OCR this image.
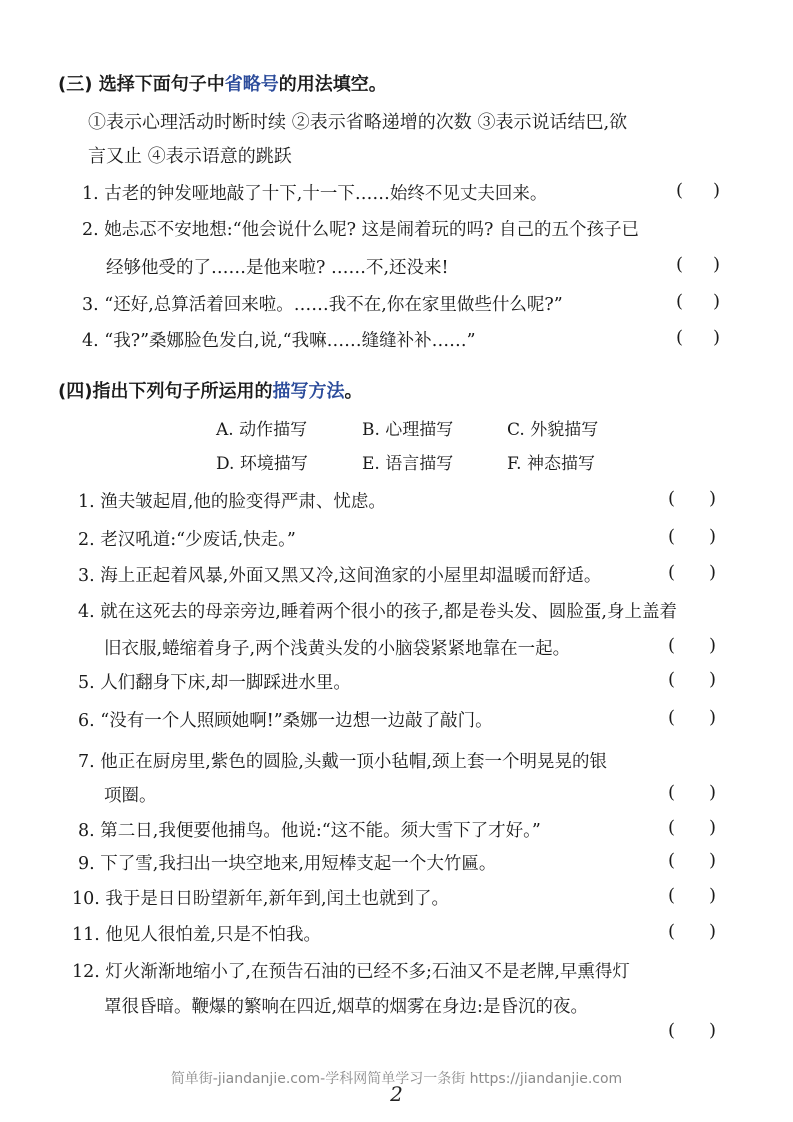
(三) 选择下面句子中省略号的用法填空。
①表示心理活动时断时续 ②表示省略递增的次数 ③表示说话结巴,欲
言又止 ④表示语意的跳跃
1. 古老的钟发哑地敲了十下,十一下……始终不见丈夫回来。	( )
2. 她忐忑不安地想:“他会说什么呢? 这是闹着玩的吗? 自己的五个孩子已
经够他受的了……是他来啦? ……不,还没来!	( )
3. “还好,总算活着回来啦。……我不在,你在家里做些什么呢?”	( )
4. “我?”桑娜脸色发白,说,“我嘛……缝缝补补……”	( )
(四)指出下列句子所运用的描写方法。
A. 动作描写	B. 心理描写	C. 外貌描写
D. 环境描写	E. 语言描写	F. 神态描写
1. 渔夫皱起眉,他的脸变得严肃、忧虑。	( )
2. 老汉吼道:“少废话,快走。”	( )
3. 海上正起着风暴,外面又黑又冷,这间渔家的小屋里却温暖而舒适。	( )
4. 就在这死去的母亲旁边,睡着两个很小的孩子,都是卷头发、圆脸蛋,身上盖着
旧衣服,蜷缩着身子,两个浅黄头发的小脑袋紧紧地靠在一起。	( )
5. 人们翻身下床,却一脚踩进水里。	( )
6. “没有一个人照顾她啊!”桑娜一边想一边敲了敲门。	( )
7. 他正在厨房里,紫色的圆脸,头戴一顶小毡帽,颈上套一个明晃晃的银
项圈。	( )
8. 第二日,我便要他捕鸟。他说:“这不能。须大雪下了才好。”	( )
9. 下了雪,我扫出一块空地来,用短棒支起一个大竹匾。	( )
10. 我于是日日盼望新年,新年到,闰土也就到了。	( )
11. 他见人很怕羞,只是不怕我。	( )
12. 灯火渐渐地缩小了,在预告石油的已经不多;石油又不是老牌,早熏得灯
罩很昏暗。鞭爆的繁响在四近,烟草的烟雾在身边:是昏沉的夜。
( )
简单街-jiandanjie.com-学科网简单学习一条街 https://jiandanjie.com
2
